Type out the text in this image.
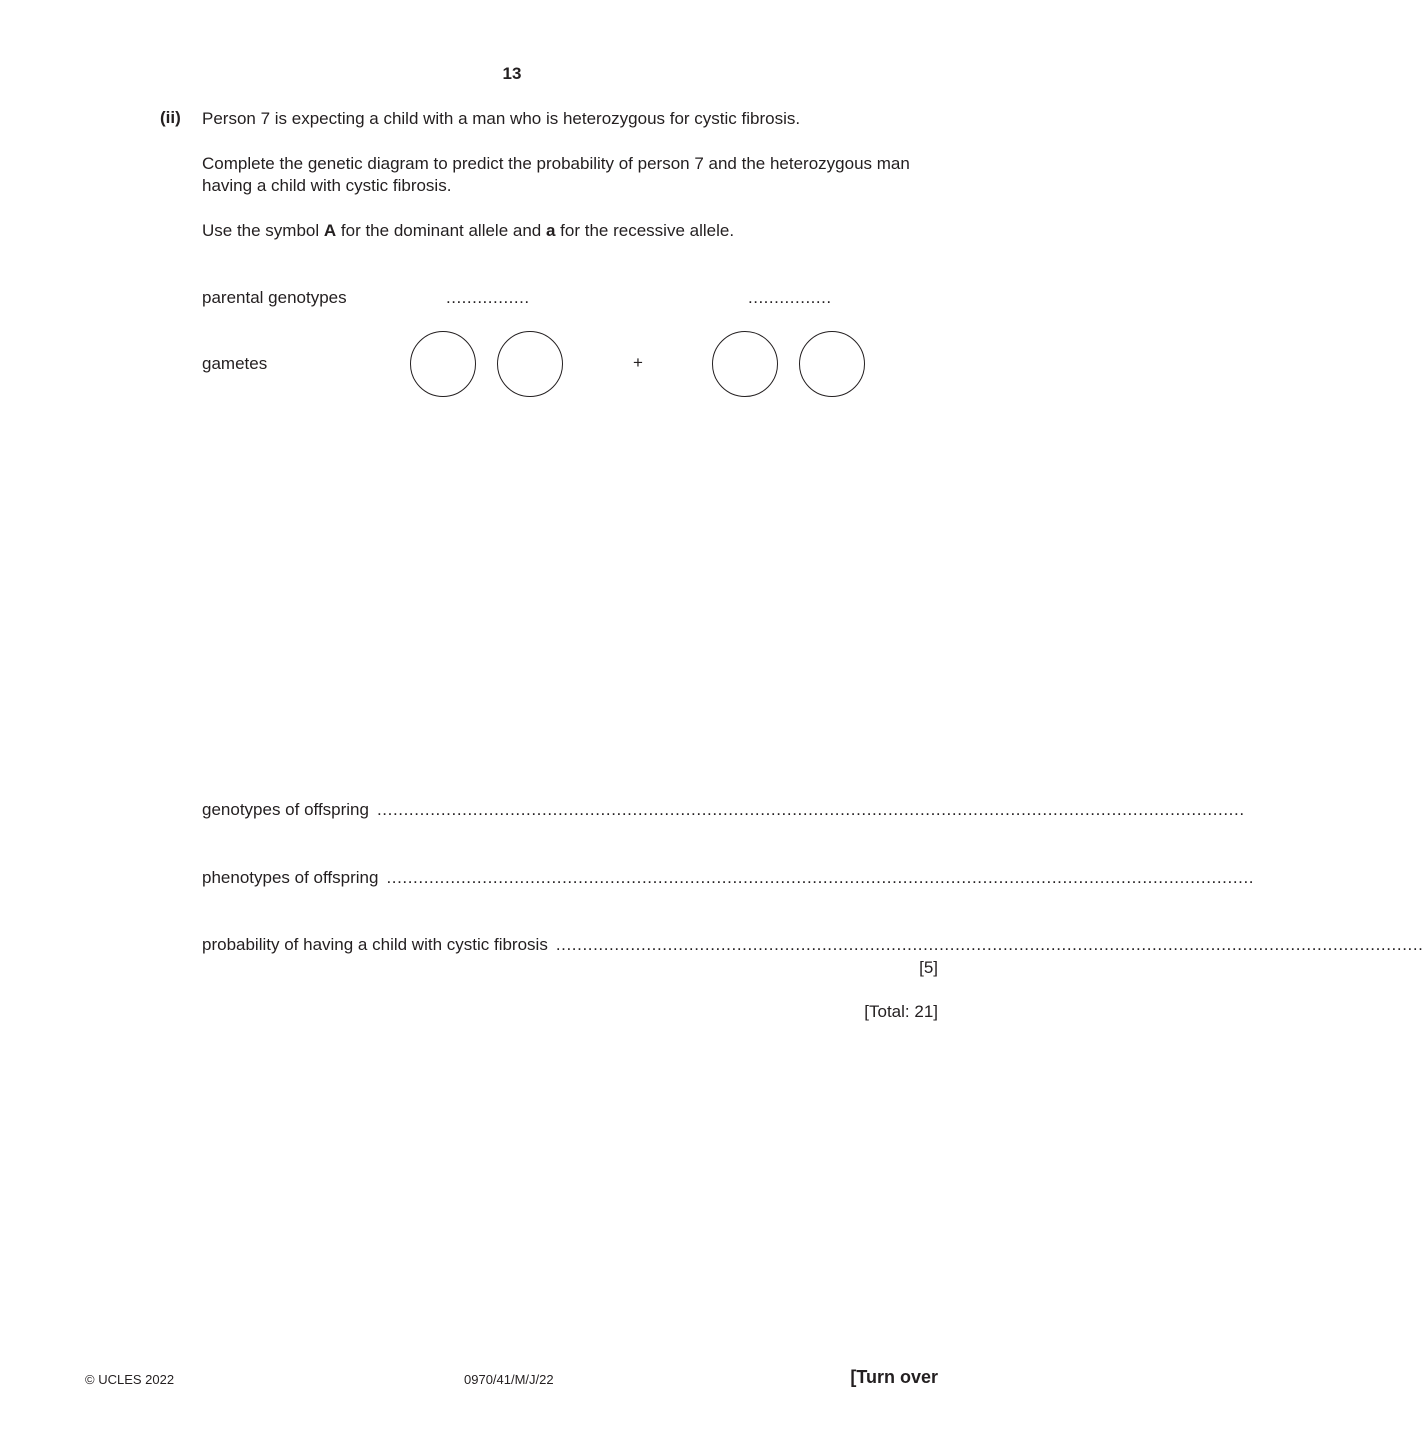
13
(ii) Person 7 is expecting a child with a man who is heterozygous for cystic fibrosis.
Complete the genetic diagram to predict the probability of person 7 and the heterozygous man having a child with cystic fibrosis.
Use the symbol A for the dominant allele and a for the recessive allele.
parental genotypes	................	................
gametes	+
genotypes of offspring ...................................................................................................................................................................
phenotypes of offspring ...................................................................................................................................................................
probability of having a child with cystic fibrosis ...................................................................................................................................................................
[5]
[Total: 21]
© UCLES 2022	0970/41/M/J/22	[Turn over
